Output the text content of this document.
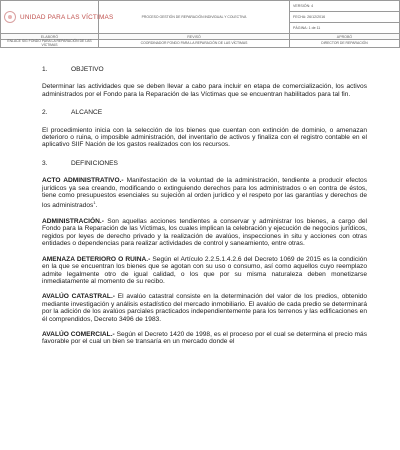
UNIDAD PARA LAS VÍCTIMAS	PROCESO GESTIÓN DE REPARACIÓN INDIVIDUAL Y COLECTIVA	VERSIÓN: 4
		FECHA: 26/12/2016
		PÁGINA: 1 de 11
ELABORÓ	REVISÓ	APROBÓ
ENLACE SIG FONDO PARA LA REPARACIÓN DE LAS VÍCTIMAS	COORDINADOR FONDO PARA LA REPARACIÓN DE LAS VÍCTIMAS	DIRECTOR DE REPARACIÓN
1.	OBJETIVO

Determinar las actividades que se deben llevar a cabo para incluir en etapa de comercialización, los activos administrados por el Fondo para la Reparación de las Víctimas que se encuentran habilitados para tal fin.

2.	ALCANCE

El procedimiento inicia con la selección de los bienes que cuentan con extinción de dominio, o amenazan deterioro o ruina, o imposible administración, del inventario de activos y finaliza con el registro contable en el aplicativo SIIF Nación de los gastos realizados con los recursos.

3.	DEFINICIONES

ACTO ADMINISTRATIVO.- Manifestación de la voluntad de la administración, tendiente a producir efectos jurídicos ya sea creando, modificando o extinguiendo derechos para los administrados o en contra de éstos, tiene como presupuestos esenciales su sujeción al orden jurídico y el respeto por las garantías y derechos de los administrados$^1$.

ADMINISTRACIÓN.- Son aquellas acciones tendientes a conservar y administrar los bienes, a cargo del Fondo para la Reparación de las Víctimas, los cuales implican la celebración y ejecución de negocios jurídicos, regidos por leyes de derecho privado y la realización de avalúos, inspecciones in situ y acciones con otras entidades o dependencias para realizar actividades de control y saneamiento, entre otras.

AMENAZA DETERIORO O RUINA.- Según el Artículo 2.2.5.1.4.2.6 del Decreto 1069 de 2015 es la condición en la que se encuentran los bienes que se agotan con su uso o consumo, así como aquellos cuyo reemplazo admite legalmente otro de igual calidad, o los que por su misma naturaleza deben monetizarse inmediatamente al momento de su recibo.

AVALÚO CATASTRAL.- El avalúo catastral consiste en la determinación del valor de los predios, obtenido mediante investigación y análisis estadístico del mercado inmobiliario. El avalúo de cada predio se determinará por la adición de los avalúos parciales practicados independientemente para los terrenos y las edificaciones en él comprendidos, Decreto 3496 de 1983.

AVALÚO COMERCIAL.- Según el Decreto 1420 de 1998, es el proceso por el cual se determina el precio más favorable por el cual un bien se transaría en un mercado donde el
